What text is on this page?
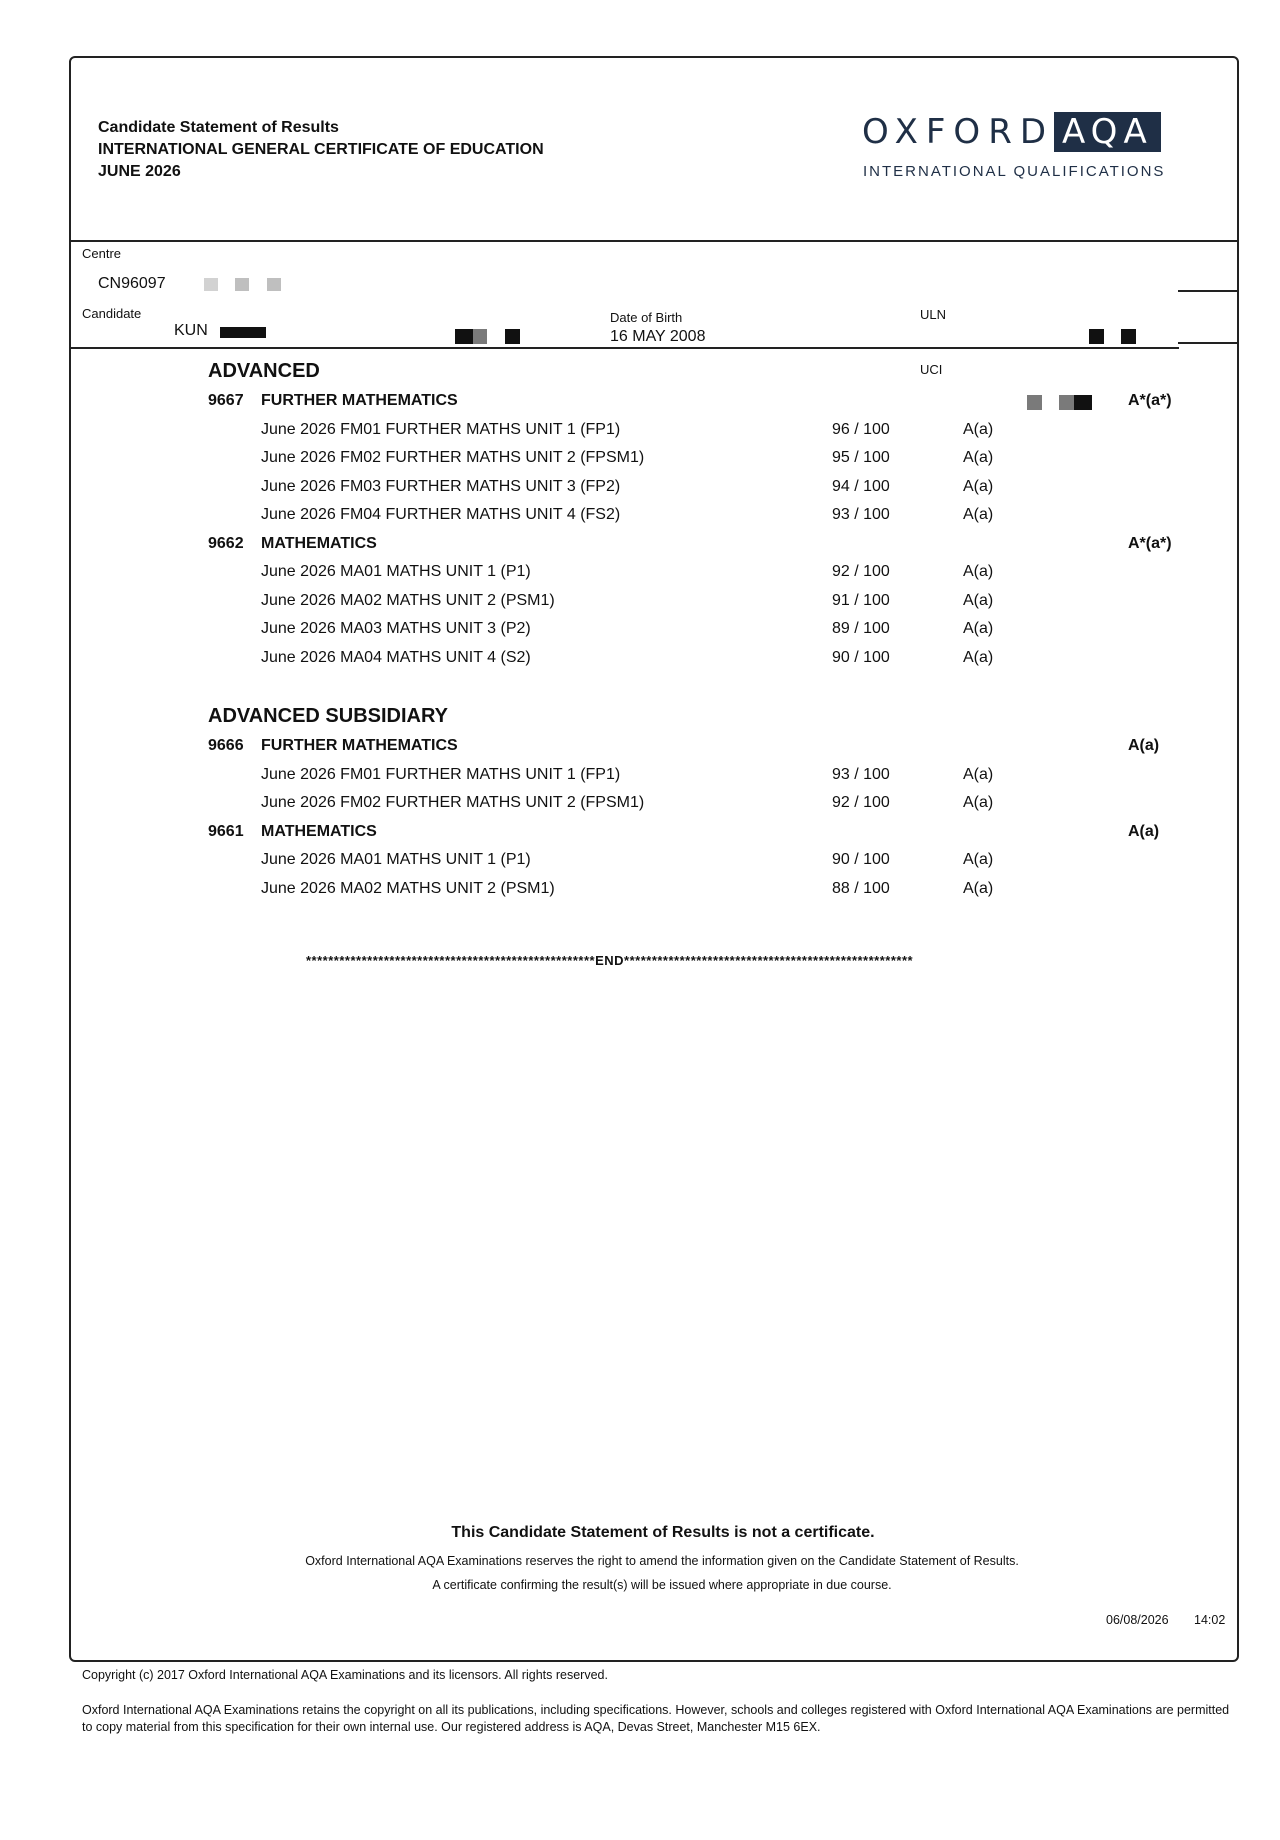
Candidate Statement of Results
INTERNATIONAL GENERAL CERTIFICATE OF EDUCATION
JUNE 2026
OXFORD AQA
INTERNATIONAL QUALIFICATIONS
Centre
CN96097
Candidate
KUN
Date of Birth
16 MAY 2008
ULN
UCI
ADVANCED
9667 FURTHER MATHEMATICS	A*(a*)
June 2026 FM01 FURTHER MATHS UNIT 1 (FP1)	96 / 100	A(a)
June 2026 FM02 FURTHER MATHS UNIT 2 (FPSM1)	95 / 100	A(a)
June 2026 FM03 FURTHER MATHS UNIT 3 (FP2)	94 / 100	A(a)
June 2026 FM04 FURTHER MATHS UNIT 4 (FS2)	93 / 100	A(a)
9662 MATHEMATICS	A*(a*)
June 2026 MA01 MATHS UNIT 1 (P1)	92 / 100	A(a)
June 2026 MA02 MATHS UNIT 2 (PSM1)	91 / 100	A(a)
June 2026 MA03 MATHS UNIT 3 (P2)	89 / 100	A(a)
June 2026 MA04 MATHS UNIT 4 (S2)	90 / 100	A(a)
ADVANCED SUBSIDIARY
9666 FURTHER MATHEMATICS	A(a)
June 2026 FM01 FURTHER MATHS UNIT 1 (FP1)	93 / 100	A(a)
June 2026 FM02 FURTHER MATHS UNIT 2 (FPSM1)	92 / 100	A(a)
9661 MATHEMATICS	A(a)
June 2026 MA01 MATHS UNIT 1 (P1)	90 / 100	A(a)
June 2026 MA02 MATHS UNIT 2 (PSM1)	88 / 100	A(a)
****************************************************END****************************************************
This Candidate Statement of Results is not a certificate.
Oxford International AQA Examinations reserves the right to amend the information given on the Candidate Statement of Results.
A certificate confirming the result(s) will be issued where appropriate in due course.
06/08/2026 14:02
Copyright (c) 2017 Oxford International AQA Examinations and its licensors. All rights reserved.
Oxford International AQA Examinations retains the copyright on all its publications, including specifications. However, schools and colleges registered with Oxford International AQA Examinations are permitted to copy material from this specification for their own internal use. Our registered address is AQA, Devas Street, Manchester M15 6EX.
